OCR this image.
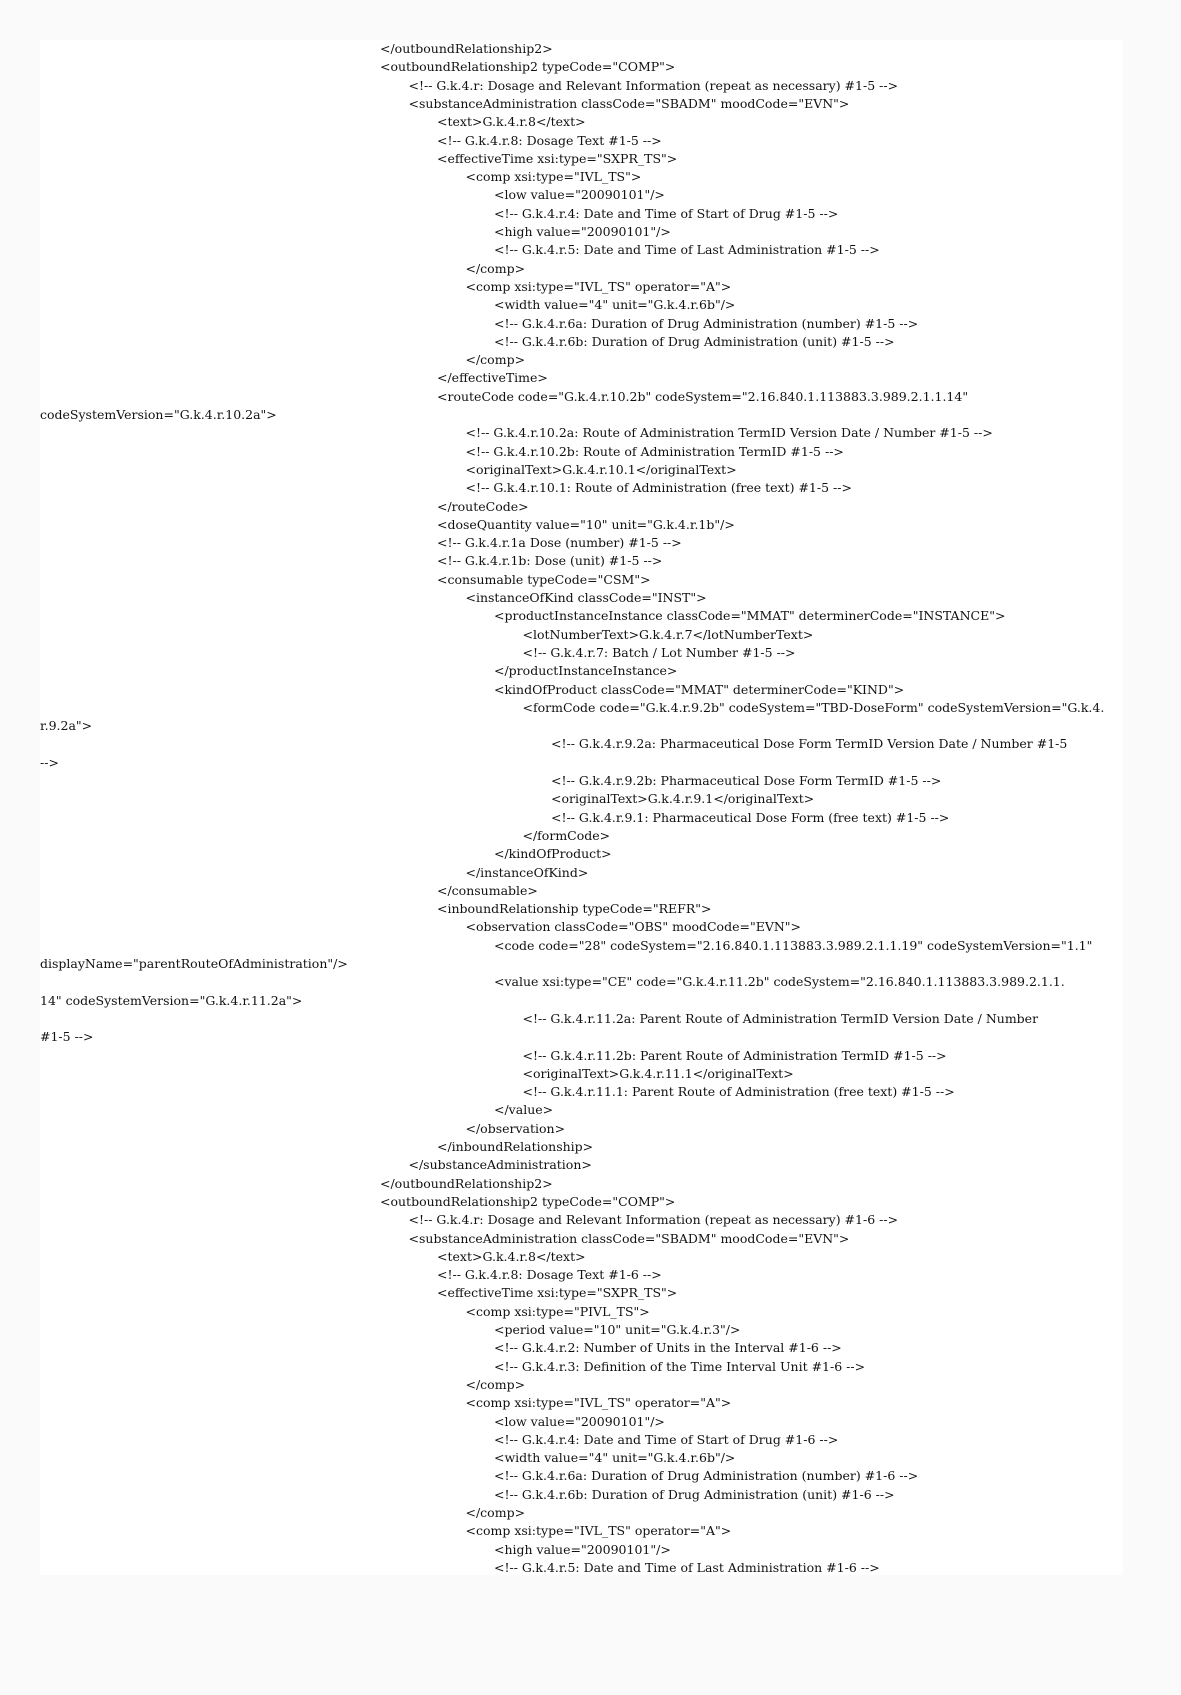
</outboundRelationship2>
<outboundRelationship2 typeCode="COMP">
<!-- G.k.4.r: Dosage and Relevant Information (repeat as necessary) #1-5 -->
<substanceAdministration classCode="SBADM" moodCode="EVN">
<text>G.k.4.r.8</text>
<!-- G.k.4.r.8: Dosage Text #1-5 -->
<effectiveTime xsi:type="SXPR_TS">
<comp xsi:type="IVL_TS">
<low value="20090101"/>
<!-- G.k.4.r.4: Date and Time of Start of Drug #1-5 -->
<high value="20090101"/>
<!-- G.k.4.r.5: Date and Time of Last Administration #1-5 -->
</comp>
<comp xsi:type="IVL_TS" operator="A">
<width value="4" unit="G.k.4.r.6b"/>
<!-- G.k.4.r.6a: Duration of Drug Administration (number) #1-5 -->
<!-- G.k.4.r.6b: Duration of Drug Administration (unit) #1-5 -->
</comp>
</effectiveTime>
<routeCode code="G.k.4.r.10.2b" codeSystem="2.16.840.1.113883.3.989.2.1.1.14"
codeSystemVersion="G.k.4.r.10.2a">
<!-- G.k.4.r.10.2a: Route of Administration TermID Version Date / Number #1-5 -->
<!-- G.k.4.r.10.2b: Route of Administration TermID #1-5 -->
<originalText>G.k.4.r.10.1</originalText>
<!-- G.k.4.r.10.1: Route of Administration (free text) #1-5 -->
</routeCode>
<doseQuantity value="10" unit="G.k.4.r.1b"/>
<!-- G.k.4.r.1a Dose (number) #1-5 -->
<!-- G.k.4.r.1b: Dose (unit) #1-5 -->
<consumable typeCode="CSM">
<instanceOfKind classCode="INST">
<productInstanceInstance classCode="MMAT" determinerCode="INSTANCE">
<lotNumberText>G.k.4.r.7</lotNumberText>
<!-- G.k.4.r.7: Batch / Lot Number #1-5 -->
</productInstanceInstance>
<kindOfProduct classCode="MMAT" determinerCode="KIND">
<formCode code="G.k.4.r.9.2b" codeSystem="TBD-DoseForm" codeSystemVersion="G.k.4.
r.9.2a">
<!-- G.k.4.r.9.2a: Pharmaceutical Dose Form TermID Version Date / Number #1-5
-->
<!-- G.k.4.r.9.2b: Pharmaceutical Dose Form TermID #1-5 -->
<originalText>G.k.4.r.9.1</originalText>
<!-- G.k.4.r.9.1: Pharmaceutical Dose Form (free text) #1-5 -->
</formCode>
</kindOfProduct>
</instanceOfKind>
</consumable>
<inboundRelationship typeCode="REFR">
<observation classCode="OBS" moodCode="EVN">
<code code="28" codeSystem="2.16.840.1.113883.3.989.2.1.1.19" codeSystemVersion="1.1"
displayName="parentRouteOfAdministration"/>
<value xsi:type="CE" code="G.k.4.r.11.2b" codeSystem="2.16.840.1.113883.3.989.2.1.1.
14" codeSystemVersion="G.k.4.r.11.2a">
<!-- G.k.4.r.11.2a: Parent Route of Administration TermID Version Date / Number
#1-5 -->
<!-- G.k.4.r.11.2b: Parent Route of Administration TermID #1-5 -->
<originalText>G.k.4.r.11.1</originalText>
<!-- G.k.4.r.11.1: Parent Route of Administration (free text) #1-5 -->
</value>
</observation>
</inboundRelationship>
</substanceAdministration>
</outboundRelationship2>
<outboundRelationship2 typeCode="COMP">
<!-- G.k.4.r: Dosage and Relevant Information (repeat as necessary) #1-6 -->
<substanceAdministration classCode="SBADM" moodCode="EVN">
<text>G.k.4.r.8</text>
<!-- G.k.4.r.8: Dosage Text #1-6 -->
<effectiveTime xsi:type="SXPR_TS">
<comp xsi:type="PIVL_TS">
<period value="10" unit="G.k.4.r.3"/>
<!-- G.k.4.r.2: Number of Units in the Interval #1-6 -->
<!-- G.k.4.r.3: Definition of the Time Interval Unit #1-6 -->
</comp>
<comp xsi:type="IVL_TS" operator="A">
<low value="20090101"/>
<!-- G.k.4.r.4: Date and Time of Start of Drug #1-6 -->
<width value="4" unit="G.k.4.r.6b"/>
<!-- G.k.4.r.6a: Duration of Drug Administration (number) #1-6 -->
<!-- G.k.4.r.6b: Duration of Drug Administration (unit) #1-6 -->
</comp>
<comp xsi:type="IVL_TS" operator="A">
<high value="20090101"/>
<!-- G.k.4.r.5: Date and Time of Last Administration #1-6 -->
